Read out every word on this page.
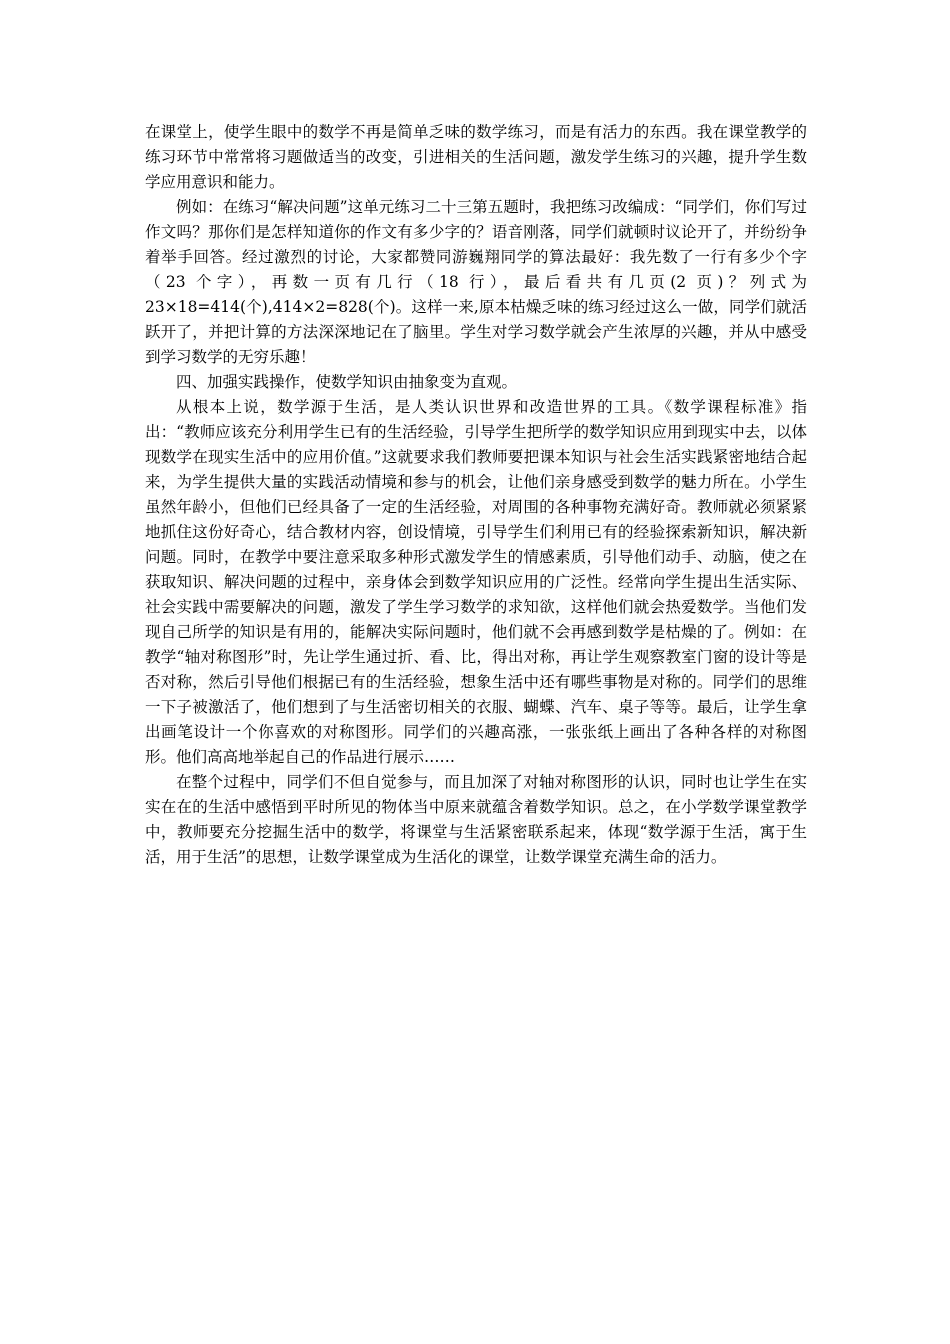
在课堂上，使学生眼中的数学不再是简单乏味的数学练习，而是有活力的东西。我在课堂教学的练习环节中常常将习题做适当的改变，引进相关的生活问题，激发学生练习的兴趣，提升学生数学应用意识和能力。

例如：在练习“解决问题”这单元练习二十三第五题时，我把练习改编成：“同学们，你们写过作文吗？那你们是怎样知道你的作文有多少字的？语音刚落，同学们就顿时议论开了，并纷纷争着举手回答。经过激烈的讨论，大家都赞同游巍翔同学的算法最好：我先数了一行有多少个字（23 个字），再数一页有几行（18 行），最后看共有几页(2 页)？列式为 23×18=414(个),414×2=828(个)。这样一来,原本枯燥乏味的练习经过这么一做，同学们就活跃开了，并把计算的方法深深地记在了脑里。学生对学习数学就会产生浓厚的兴趣，并从中感受到学习数学的无穷乐趣！

四、加强实践操作，使数学知识由抽象变为直观。

从根本上说，数学源于生活，是人类认识世界和改造世界的工具。《数学课程标准》指出：“教师应该充分利用学生已有的生活经验，引导学生把所学的数学知识应用到现实中去，以体现数学在现实生活中的应用价值。”这就要求我们教师要把课本知识与社会生活实践紧密地结合起来，为学生提供大量的实践活动情境和参与的机会，让他们亲身感受到数学的魅力所在。小学生虽然年龄小，但他们已经具备了一定的生活经验，对周围的各种事物充满好奇。教师就必须紧紧地抓住这份好奇心，结合教材内容，创设情境，引导学生们利用已有的经验探索新知识，解决新问题。同时，在教学中要注意采取多种形式激发学生的情感素质，引导他们动手、动脑，使之在获取知识、解决问题的过程中，亲身体会到数学知识应用的广泛性。经常向学生提出生活实际、社会实践中需要解决的问题，激发了学生学习数学的求知欲，这样他们就会热爱数学。当他们发现自己所学的知识是有用的，能解决实际问题时，他们就不会再感到数学是枯燥的了。例如：在教学“轴对称图形”时，先让学生通过折、看、比，得出对称，再让学生观察教室门窗的设计等是否对称，然后引导他们根据已有的生活经验，想象生活中还有哪些事物是对称的。同学们的思维一下子被激活了，他们想到了与生活密切相关的衣服、蝴蝶、汽车、桌子等等。最后，让学生拿出画笔设计一个你喜欢的对称图形。同学们的兴趣高涨，一张张纸上画出了各种各样的对称图形。他们高高地举起自己的作品进行展示……

在整个过程中，同学们不但自觉参与，而且加深了对轴对称图形的认识，同时也让学生在实实在在的生活中感悟到平时所见的物体当中原来就蕴含着数学知识。总之，在小学数学课堂教学中，教师要充分挖掘生活中的数学，将课堂与生活紧密联系起来，体现“数学源于生活，寓于生活，用于生活”的思想，让数学课堂成为生活化的课堂，让数学课堂充满生命的活力。
